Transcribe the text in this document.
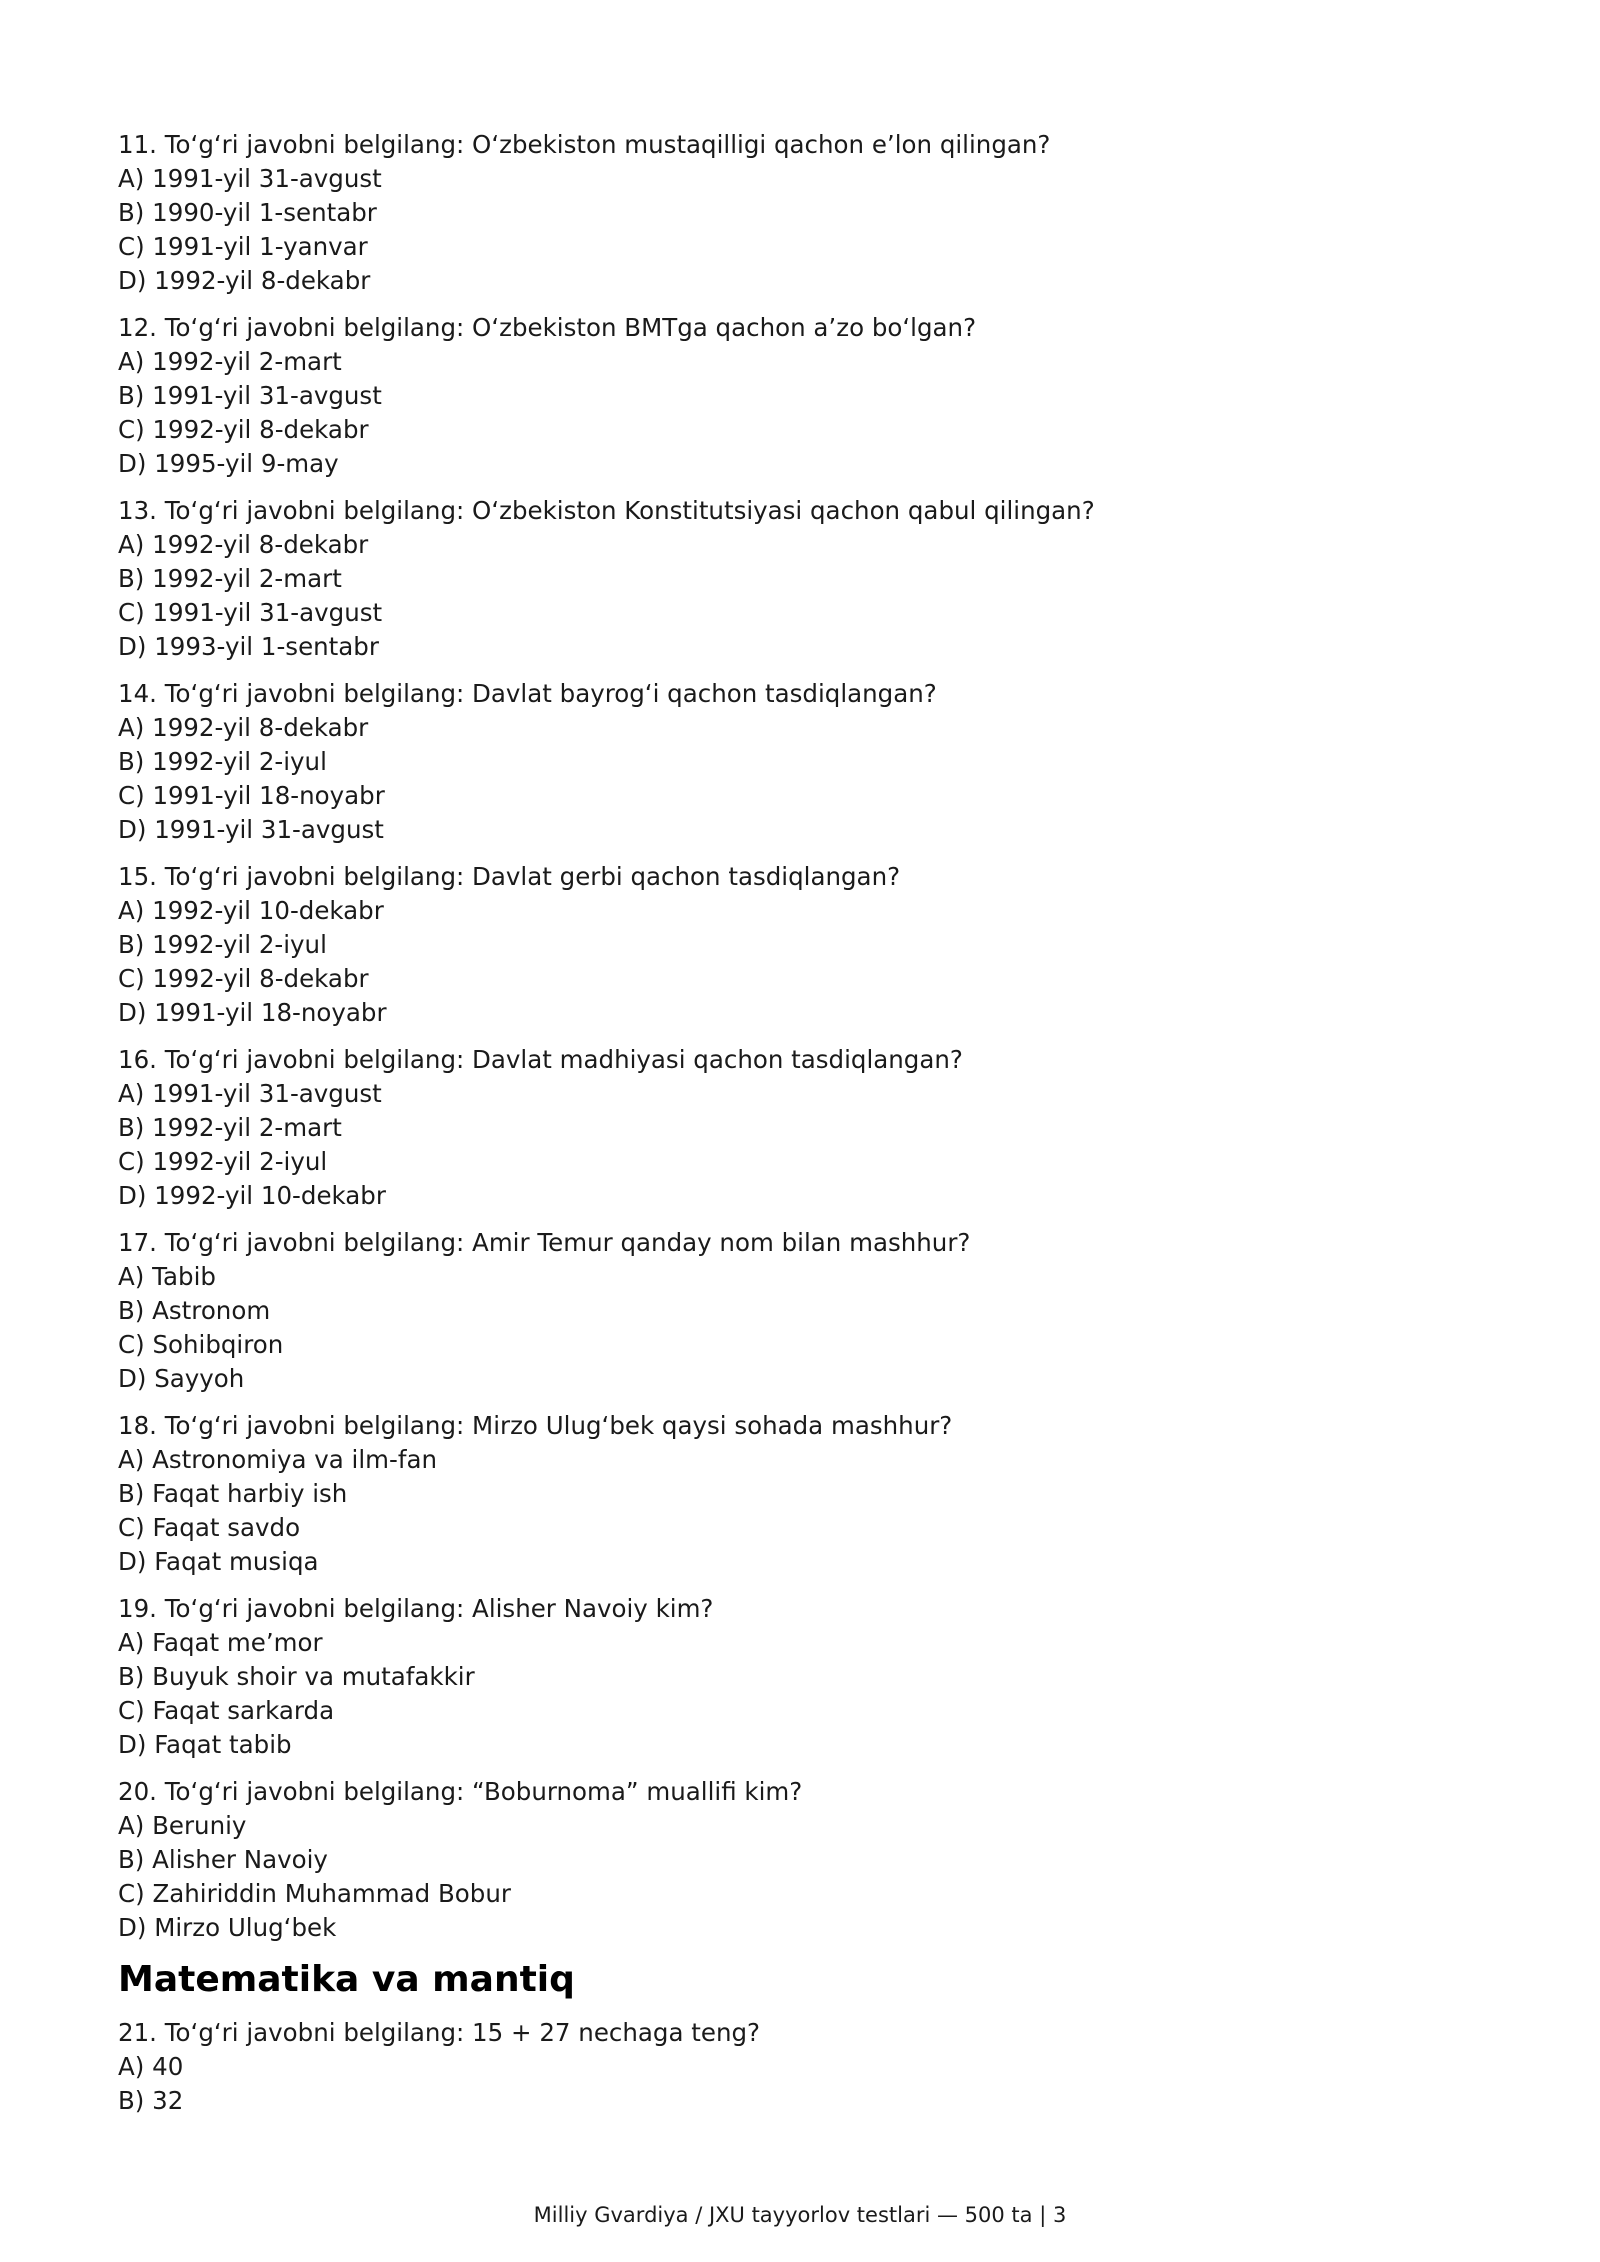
11. To‘g‘ri javobni belgilang: O‘zbekiston mustaqilligi qachon e’lon qilingan?
A) 1991-yil 31-avgust
B) 1990-yil 1-sentabr
C) 1991-yil 1-yanvar
D) 1992-yil 8-dekabr
12. To‘g‘ri javobni belgilang: O‘zbekiston BMTga qachon a’zo bo‘lgan?
A) 1992-yil 2-mart
B) 1991-yil 31-avgust
C) 1992-yil 8-dekabr
D) 1995-yil 9-may
13. To‘g‘ri javobni belgilang: O‘zbekiston Konstitutsiyasi qachon qabul qilingan?
A) 1992-yil 8-dekabr
B) 1992-yil 2-mart
C) 1991-yil 31-avgust
D) 1993-yil 1-sentabr
14. To‘g‘ri javobni belgilang: Davlat bayrog‘i qachon tasdiqlangan?
A) 1992-yil 8-dekabr
B) 1992-yil 2-iyul
C) 1991-yil 18-noyabr
D) 1991-yil 31-avgust
15. To‘g‘ri javobni belgilang: Davlat gerbi qachon tasdiqlangan?
A) 1992-yil 10-dekabr
B) 1992-yil 2-iyul
C) 1992-yil 8-dekabr
D) 1991-yil 18-noyabr
16. To‘g‘ri javobni belgilang: Davlat madhiyasi qachon tasdiqlangan?
A) 1991-yil 31-avgust
B) 1992-yil 2-mart
C) 1992-yil 2-iyul
D) 1992-yil 10-dekabr
17. To‘g‘ri javobni belgilang: Amir Temur qanday nom bilan mashhur?
A) Tabib
B) Astronom
C) Sohibqiron
D) Sayyoh
18. To‘g‘ri javobni belgilang: Mirzo Ulug‘bek qaysi sohada mashhur?
A) Astronomiya va ilm-fan
B) Faqat harbiy ish
C) Faqat savdo
D) Faqat musiqa
19. To‘g‘ri javobni belgilang: Alisher Navoiy kim?
A) Faqat me’mor
B) Buyuk shoir va mutafakkir
C) Faqat sarkarda
D) Faqat tabib
20. To‘g‘ri javobni belgilang: “Boburnoma” muallifi kim?
A) Beruniy
B) Alisher Navoiy
C) Zahiriddin Muhammad Bobur
D) Mirzo Ulug‘bek
Matematika va mantiq
21. To‘g‘ri javobni belgilang: 15 + 27 nechaga teng?
A) 40
B) 32
Milliy Gvardiya / JXU tayyorlov testlari — 500 ta | 3
